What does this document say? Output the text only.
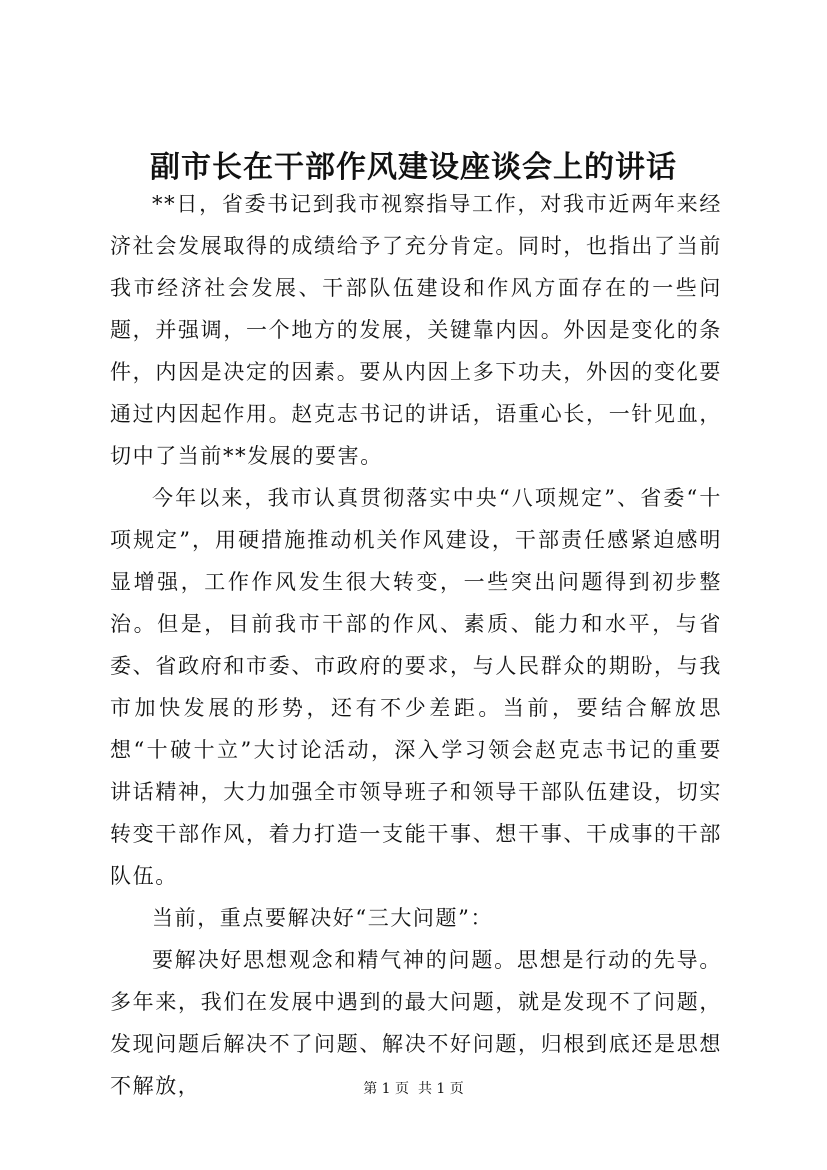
副市长在干部作风建设座谈会上的讲话

**日，省委书记到我市视察指导工作，对我市近两年来经济社会发展取得的成绩给予了充分肯定。同时，也指出了当前我市经济社会发展、干部队伍建设和作风方面存在的一些问题，并强调，一个地方的发展，关键靠内因。外因是变化的条件，内因是决定的因素。要从内因上多下功夫，外因的变化要通过内因起作用。赵克志书记的讲话，语重心长，一针见血，切中了当前**发展的要害。

今年以来，我市认真贯彻落实中央“八项规定”、省委“十项规定”，用硬措施推动机关作风建设，干部责任感紧迫感明显增强，工作作风发生很大转变，一些突出问题得到初步整治。但是，目前我市干部的作风、素质、能力和水平，与省委、省政府和市委、市政府的要求，与人民群众的期盼，与我市加快发展的形势，还有不少差距。当前，要结合解放思想“十破十立”大讨论活动，深入学习领会赵克志书记的重要讲话精神，大力加强全市领导班子和领导干部队伍建设，切实转变干部作风，着力打造一支能干事、想干事、干成事的干部队伍。

当前，重点要解决好“三大问题”：

要解决好思想观念和精气神的问题。思想是行动的先导。多年来，我们在发展中遇到的最大问题，就是发现不了问题，发现问题后解决不了问题、解决不好问题，归根到底还是思想不解放，	第 1 页  共 1 页
